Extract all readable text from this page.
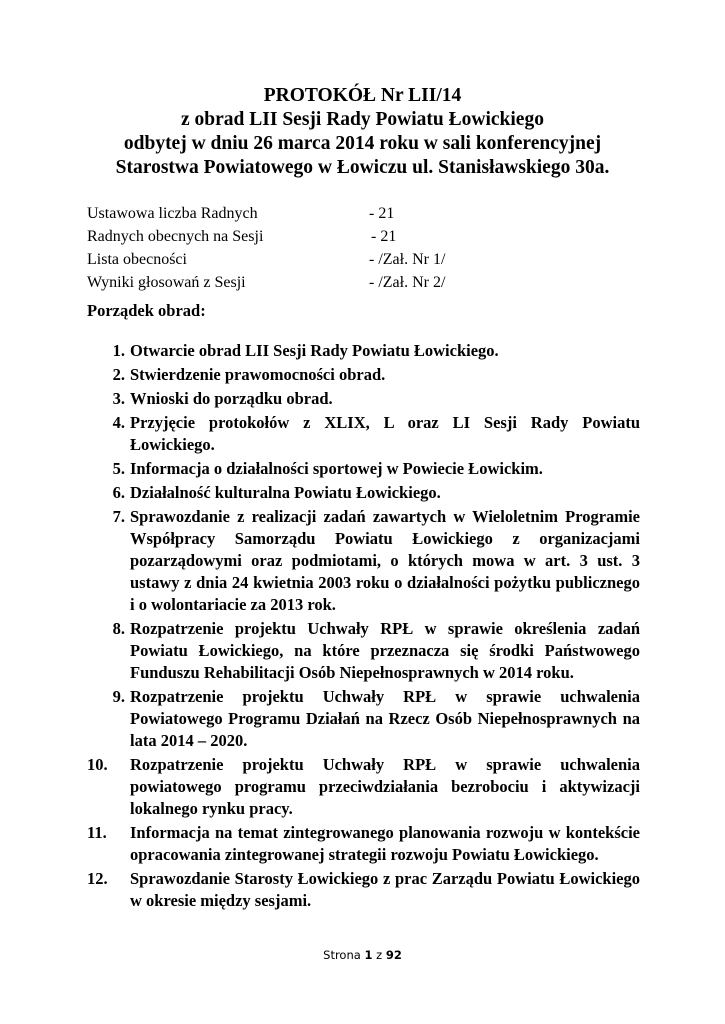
PROTOKÓŁ Nr LII/14
z obrad LII Sesji Rady Powiatu Łowickiego
odbytej w dniu 26 marca 2014 roku w sali konferencyjnej
Starostwa Powiatowego w Łowiczu ul. Stanisławskiego 30a.
Ustawowa liczba Radnych	- 21
Radnych obecnych na Sesji	- 21
Lista obecności	- /Zał. Nr 1/
Wyniki głosowań z Sesji	- /Zał. Nr 2/
Porządek obrad:
1. Otwarcie obrad LII Sesji Rady Powiatu Łowickiego.
2. Stwierdzenie prawomocności obrad.
3. Wnioski do porządku obrad.
4. Przyjęcie protokołów z XLIX, L oraz LI Sesji Rady Powiatu Łowickiego.
5. Informacja o działalności sportowej w Powiecie Łowickim.
6. Działalność kulturalna Powiatu Łowickiego.
7. Sprawozdanie z realizacji zadań zawartych w Wieloletnim Programie Współpracy Samorządu Powiatu Łowickiego z organizacjami pozarządowymi oraz podmiotami, o których mowa w art. 3 ust. 3 ustawy z dnia 24 kwietnia 2003 roku o działalności pożytku publicznego i o wolontariacie za 2013 rok.
8. Rozpatrzenie projektu Uchwały RPŁ w sprawie określenia zadań Powiatu Łowickiego, na które przeznacza się środki Państwowego Funduszu Rehabilitacji Osób Niepełnosprawnych w 2014 roku.
9. Rozpatrzenie projektu Uchwały RPŁ w sprawie uchwalenia Powiatowego Programu Działań na Rzecz Osób Niepełnosprawnych na lata 2014 – 2020.
10.	Rozpatrzenie projektu Uchwały RPŁ w sprawie uchwalenia powiatowego programu przeciwdziałania bezrobociu i aktywizacji lokalnego rynku pracy.
11.	Informacja na temat zintegrowanego planowania rozwoju w kontekście opracowania zintegrowanej strategii rozwoju Powiatu Łowickiego.
12.	Sprawozdanie Starosty Łowickiego z prac Zarządu Powiatu Łowickiego w okresie między sesjami.
Strona 1 z 92
